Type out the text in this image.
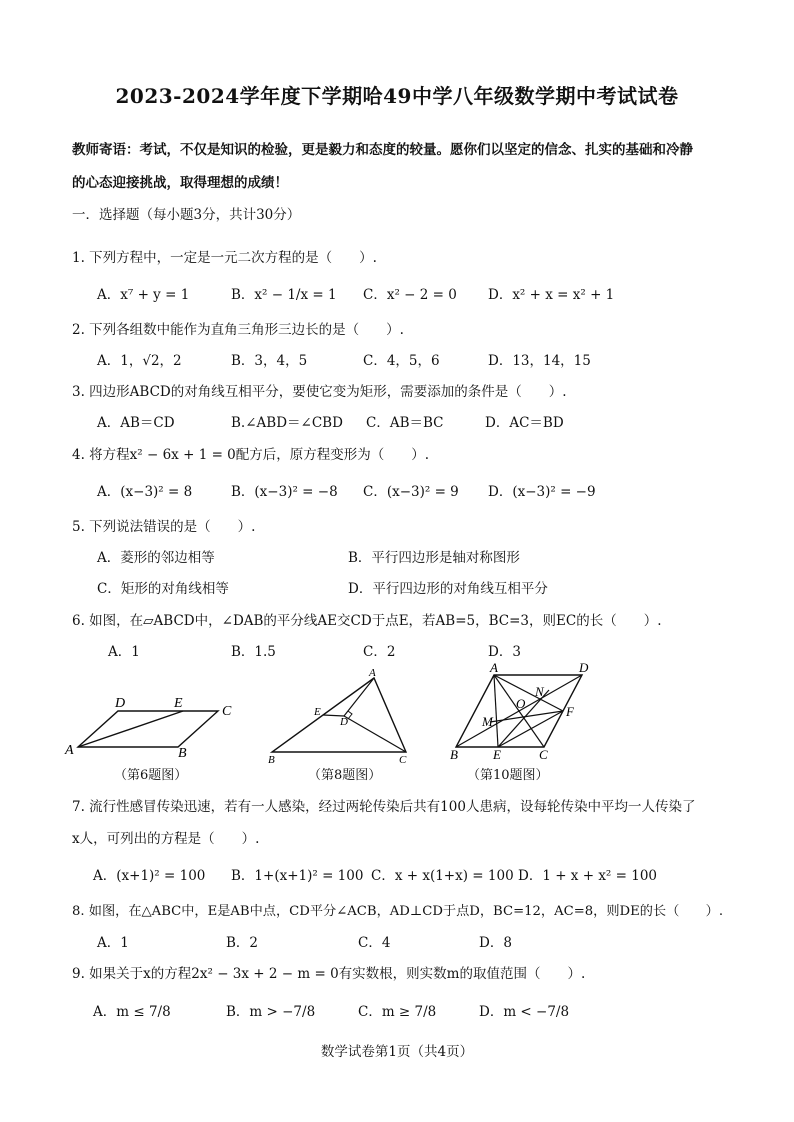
2023-2024学年度下学期哈49中学八年级数学期中考试试卷
教师寄语：考试，不仅是知识的检验，更是毅力和态度的较量。愿你们以坚定的信念、扎实的基础和冷静
的心态迎接挑战，取得理想的成绩！
一．选择题（每小题3分，共计30分）
1. 下列方程中，一定是一元二次方程的是（　　）.
A．x⁷ + y = 1	B．x² − 1/x = 1 C．x² − 2 = 0 D．x² + x = x² + 1
2. 下列各组数中能作为直角三角形三边长的是（　　）.
A．1，√2，2	B．3，4，5	C．4，5，6	D．13，14，15
3. 四边形ABCD的对角线互相平分，要使它变为矩形，需要添加的条件是（　　）.
A．AB＝CD	B.∠ABD＝∠CBD C．AB＝BC	D．AC＝BD
4. 将方程x² − 6x + 1 = 0配方后，原方程变形为（　　）.
A．(x−3)² = 8	B．(x−3)² = −8 C．(x−3)² = 9 D．(x−3)² = −9
5. 下列说法错误的是（　　）.
A．菱形的邻边相等	B．平行四边形是轴对称图形
C．矩形的对角线相等	D．平行四边形的对角线互相平分
6. 如图，在▱ABCD中，∠DAB的平分线AE交CD于点E，若AB=5，BC=3，则EC的长（　　）.
A．1	B．1.5	C．2	D．3
D	E
C
A	B
（第6题图）
A
E
D
B	C
（第8题图）
A	D
N
O
M
F
B	E	C
（第10题图）
7. 流行性感冒传染迅速，若有一人感染，经过两轮传染后共有100人患病，设每轮传染中平均一人传染了
x人，可列出的方程是（　　）.
A．(x+1)² = 100 B．1+(x+1)² = 100 C．x + x(1+x) = 100 D．1 + x + x² = 100
8. 如图，在△ABC中，E是AB中点，CD平分∠ACB，AD⊥CD于点D，BC=12，AC=8，则DE的长（　　）.
A．1	B．2	C．4	D．8
9. 如果关于x的方程2x² − 3x + 2 − m = 0有实数根，则实数m的取值范围（　　）.
A．m ≤ 7/8	B．m > −7/8	C．m ≥ 7/8	D．m < −7/8
数学试卷第1页（共4页）
